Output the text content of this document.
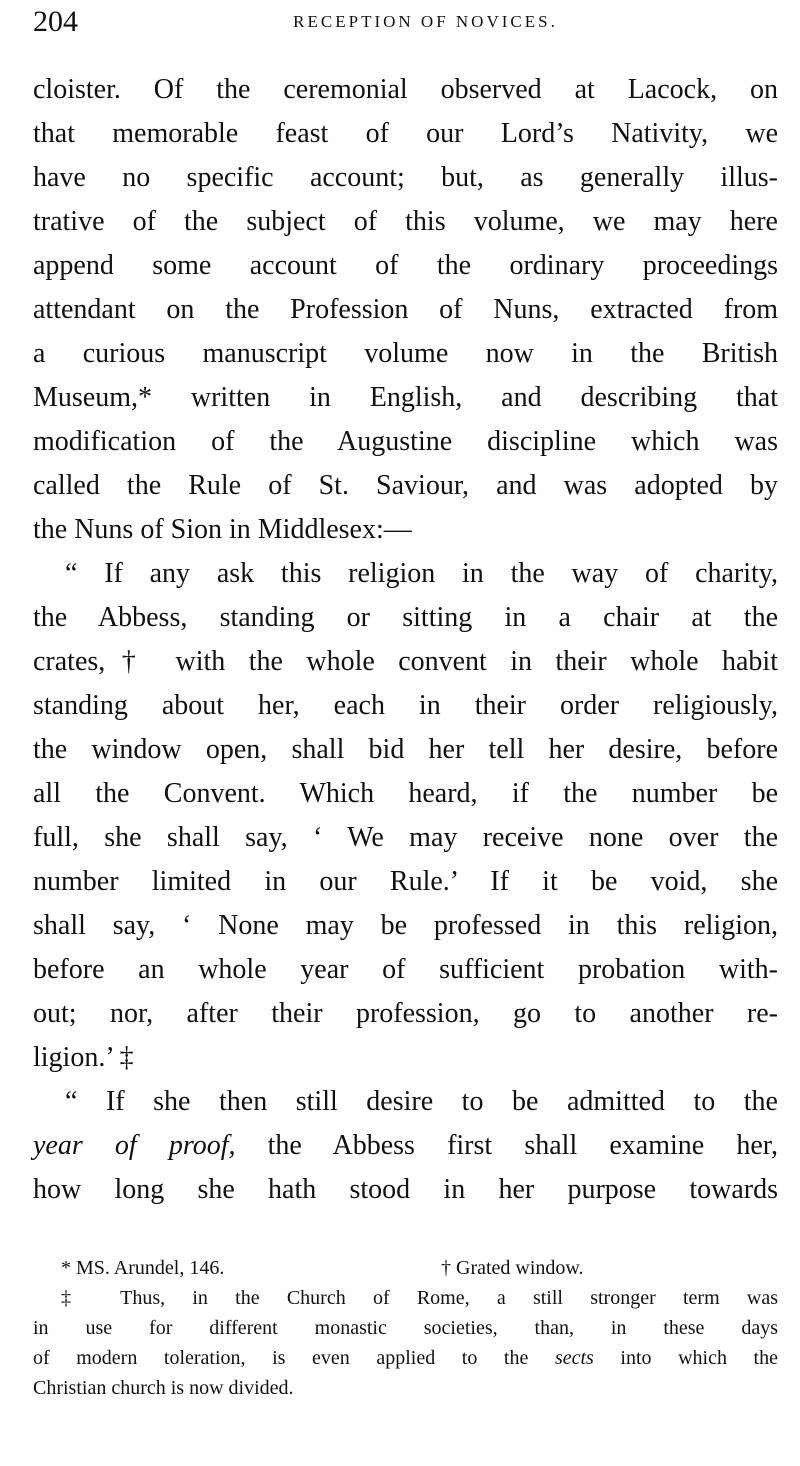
204	RECEPTION OF NOVICES.
cloister. Of the ceremonial observed at Lacock, on
that memorable feast of our Lord’s Nativity, we
have no specific account; but, as generally illus-
trative of the subject of this volume, we may here
append some account of the ordinary proceedings
attendant on the Profession of Nuns, extracted from
a curious manuscript volume now in the British
Museum,* written in English, and describing that
modification of the Augustine discipline which was
called the Rule of St. Saviour, and was adopted by
the Nuns of Sion in Middlesex:—
“ If any ask this religion in the way of charity,
the Abbess, standing or sitting in a chair at the
crates,† with the whole convent in their whole habit
standing about her, each in their order religiously,
the window open, shall bid her tell her desire, before
all the Convent. Which heard, if the number be
full, she shall say, ‘ We may receive none over the
number limited in our Rule.’ If it be void, she
shall say, ‘ None may be professed in this religion,
before an whole year of sufficient probation with-
out; nor, after their profession, go to another re-
ligion.’ ‡
“ If she then still desire to be admitted to the
year of proof, the Abbess first shall examine her,
how long she hath stood in her purpose towards
* MS. Arundel, 146.	† Grated window.
‡ Thus, in the Church of Rome, a still stronger term was
in use for different monastic societies, than, in these days
of modern toleration, is even applied to the sects into which the
Christian church is now divided.
